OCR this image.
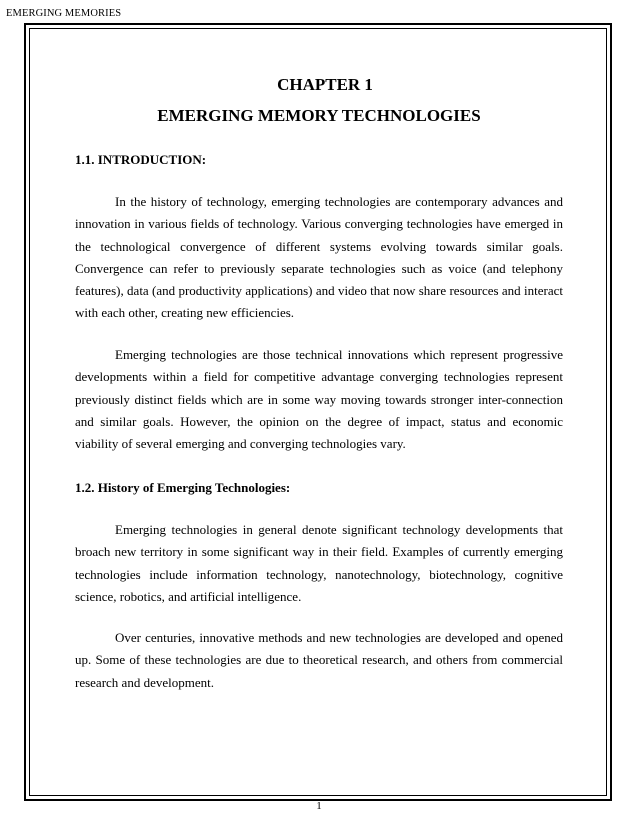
EMERGING MEMORIES
CHAPTER 1
EMERGING MEMORY TECHNOLOGIES
1.1. INTRODUCTION:

In the history of technology, emerging technologies are contemporary advances and innovation in various fields of technology. Various converging technologies have emerged in the technological convergence of different systems evolving towards similar goals. Convergence can refer to previously separate technologies such as voice (and telephony features), data (and productivity applications) and video that now share resources and interact with each other, creating new efficiencies.

Emerging technologies are those technical innovations which represent progressive developments within a field for competitive advantage converging technologies represent previously distinct fields which are in some way moving towards stronger inter-connection and similar goals. However, the opinion on the degree of impact, status and economic viability of several emerging and converging technologies vary.

1.2. History of Emerging Technologies:

Emerging technologies in general denote significant technology developments that broach new territory in some significant way in their field. Examples of currently emerging technologies include information technology, nanotechnology, biotechnology, cognitive science, robotics, and artificial intelligence.

Over centuries, innovative methods and new technologies are developed and opened up. Some of these technologies are due to theoretical research, and others from commercial research and development.

1
